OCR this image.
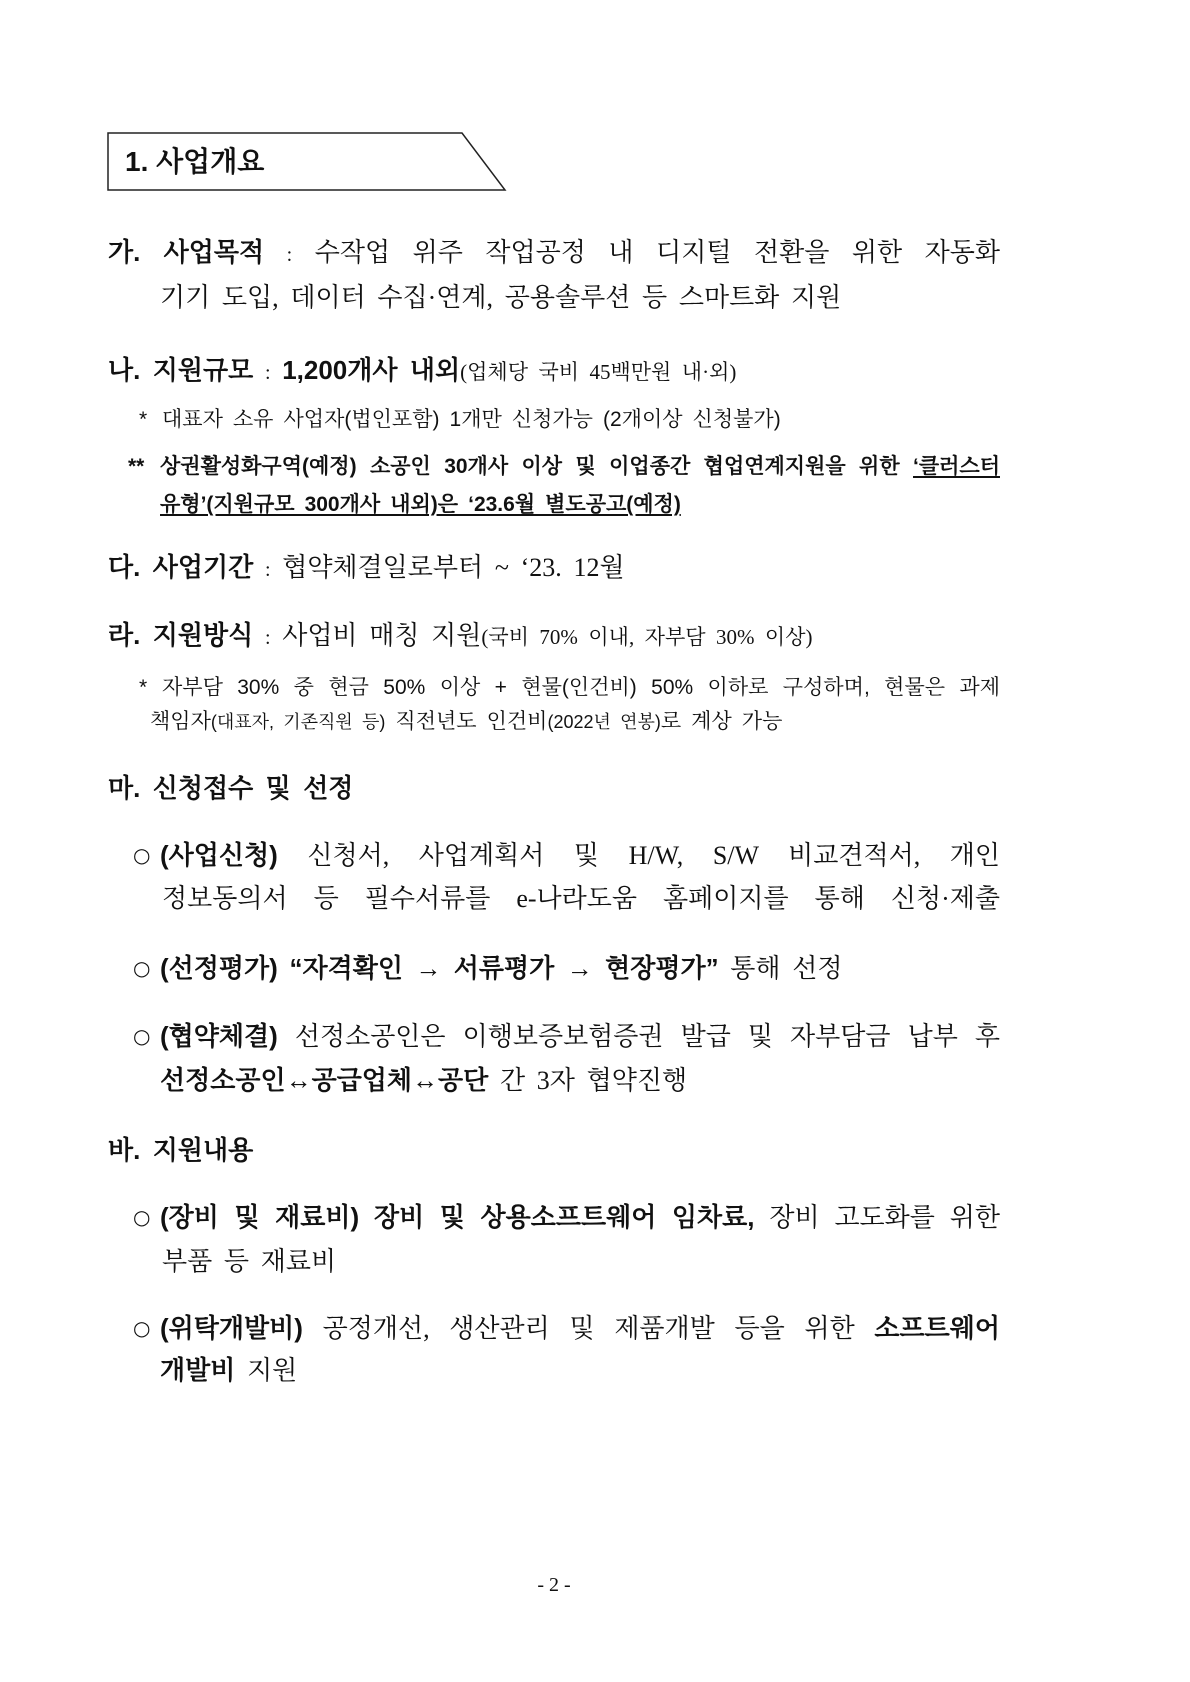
1. 사업개요
가. 사업목적 : 수작업 위주 작업공정 내 디지털 전환을 위한 자동화
기기 도입, 데이터 수집·연계, 공용솔루션 등 스마트화 지원
나. 지원규모 : 1,200개사 내외(업체당 국비 45백만원 내·외)
* 대표자 소유 사업자(법인포함) 1개만 신청가능 (2개이상 신청불가)
** 상권활성화구역(예정) 소공인 30개사 이상 및 이업종간 협업연계지원을 위한 ‘클러스터
유형’(지원규모 300개사 내외)은 ‘23.6월 별도공고(예정)
다. 사업기간 : 협약체결일로부터 ~ ‘23. 12월
라. 지원방식 : 사업비 매칭 지원(국비 70% 이내, 자부담 30% 이상)
* 자부담 30% 중 현금 50% 이상 + 현물(인건비) 50% 이하로 구성하며, 현물은 과제
책임자(대표자, 기존직원 등) 직전년도 인건비(2022년 연봉)로 계상 가능
마. 신청접수 및 선정
○ (사업신청) 신청서, 사업계획서 및 H/W, S/W 비교견적서, 개인
정보동의서 등 필수서류를 e-나라도움 홈페이지를 통해 신청·제출
○ (선정평가) “자격확인 → 서류평가 → 현장평가” 통해 선정
○ (협약체결) 선정소공인은 이행보증보험증권 발급 및 자부담금 납부 후
선정소공인↔공급업체↔공단 간 3자 협약진행
바. 지원내용
○ (장비 및 재료비) 장비 및 상용소프트웨어 임차료, 장비 고도화를 위한
부품 등 재료비
○ (위탁개발비) 공정개선, 생산관리 및 제품개발 등을 위한 소프트웨어
개발비 지원
- 2 -
